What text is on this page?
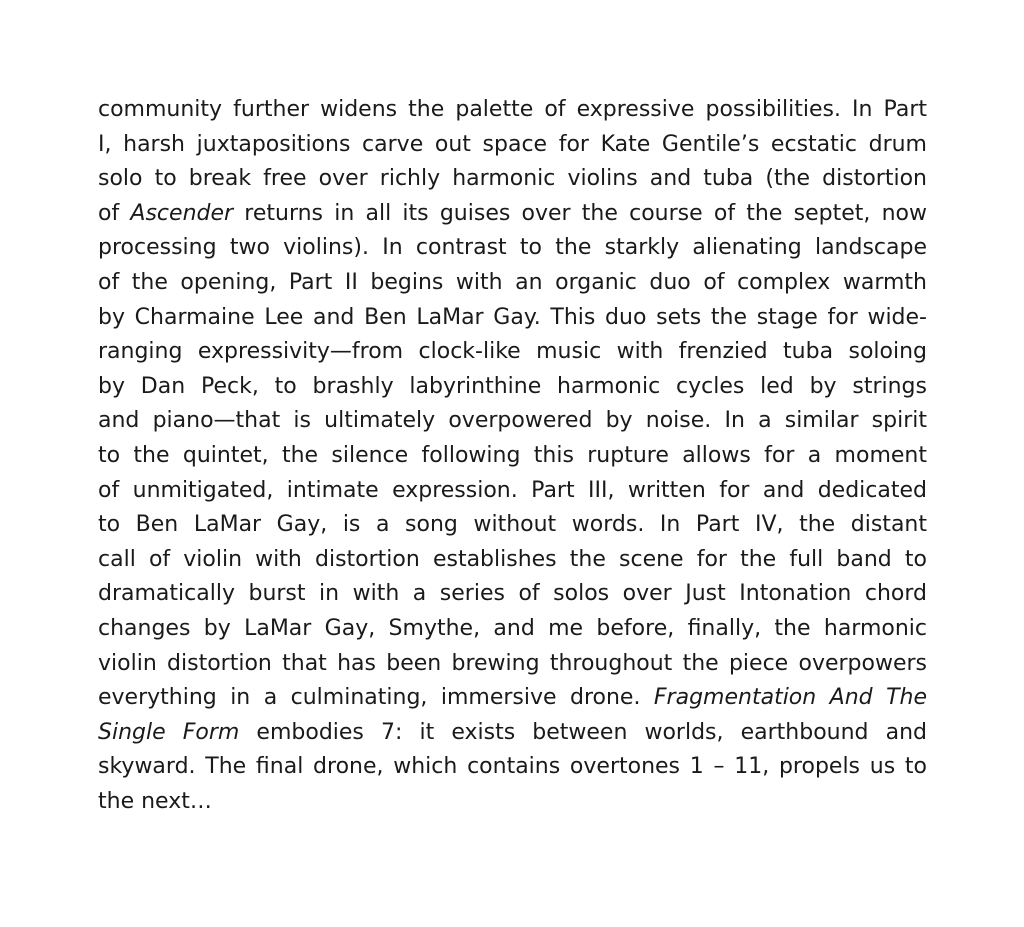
community further widens the palette of expressive possibilities. In Part
I, harsh juxtapositions carve out space for Kate Gentile’s ecstatic drum
solo to break free over richly harmonic violins and tuba (the distortion
of Ascender returns in all its guises over the course of the septet, now
processing two violins). In contrast to the starkly alienating landscape
of the opening, Part II begins with an organic duo of complex warmth
by Charmaine Lee and Ben LaMar Gay. This duo sets the stage for wide-
ranging expressivity—from clock-like music with frenzied tuba soloing
by Dan Peck, to brashly labyrinthine harmonic cycles led by strings
and piano—that is ultimately overpowered by noise. In a similar spirit
to the quintet, the silence following this rupture allows for a moment
of unmitigated, intimate expression. Part III, written for and dedicated
to Ben LaMar Gay, is a song without words. In Part IV, the distant
call of violin with distortion establishes the scene for the full band to
dramatically burst in with a series of solos over Just Intonation chord
changes by LaMar Gay, Smythe, and me before, finally, the harmonic
violin distortion that has been brewing throughout the piece overpowers
everything in a culminating, immersive drone. Fragmentation And The
Single Form embodies 7: it exists between worlds, earthbound and
skyward. The final drone, which contains overtones 1 – 11, propels us to
the next…
